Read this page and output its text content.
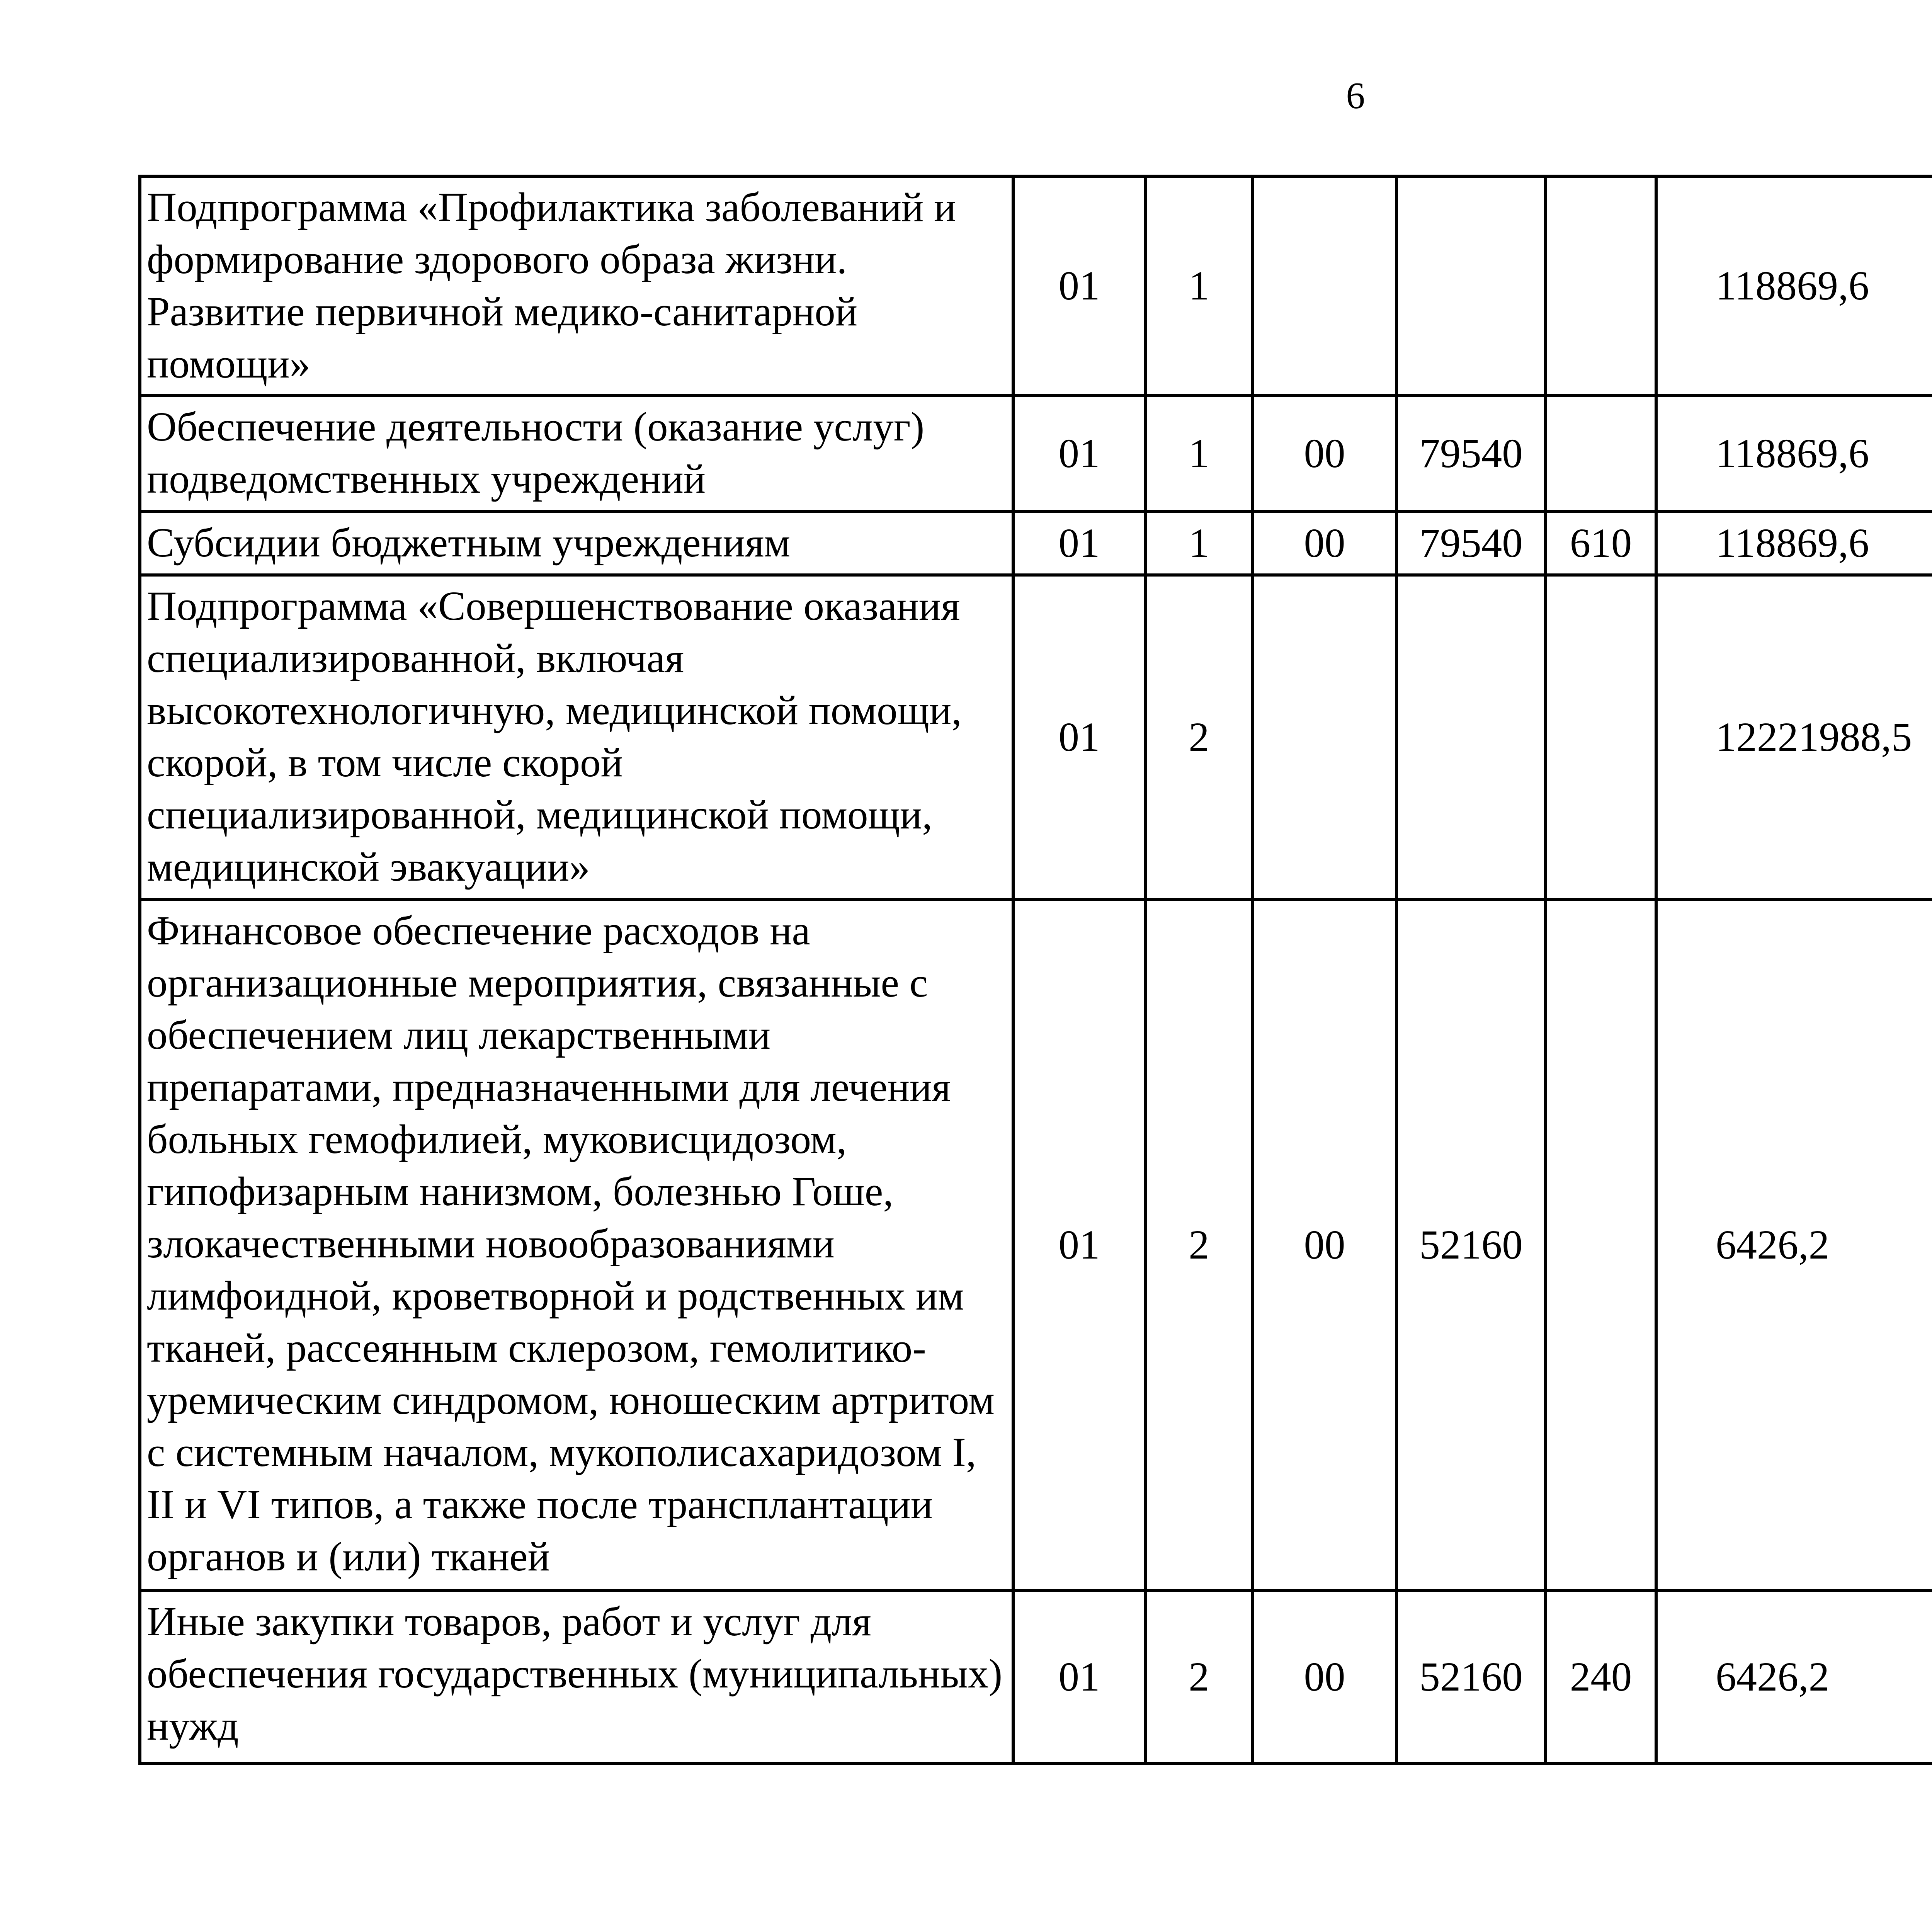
6
Подпрограмма «Профилактика заболеваний и формирование здорового образа жизни. Развитие первичной медико-санитарной помощи»	01	1				118869,6		
Обеспечение деятельности (оказание услуг) подведомственных учреждений	01	1	00	79540		118869,6		
Субсидии бюджетным учреждениям	01	1	00	79540	610	118869,6		
Подпрограмма «Совершенствование оказания специализированной, включая высокотехнологичную, медицинской помощи, скорой, в том числе скорой специализированной, медицинской помощи, медицинской эвакуации»	01	2				12221988,5		
Финансовое обеспечение расходов на организационные мероприятия, связанные с обеспечением лиц лекарственными препаратами, предназначенными для лечения больных гемофилией, муковисцидозом, гипофизарным нанизмом, болезнью Гоше, злокачественными новообразованиями лимфоидной, кроветворной и родственных им тканей, рассеянным склерозом, гемолитико-уремическим синдромом, юношеским артритом с системным началом, мукополисахаридозом I, II и VI типов, а также после трансплантации органов и (или) тканей	01	2	00	52160		6426,2		
Иные закупки товаров, работ и услуг для обеспечения государственных (муниципальных) нужд	01	2	00	52160	240	6426,2		
